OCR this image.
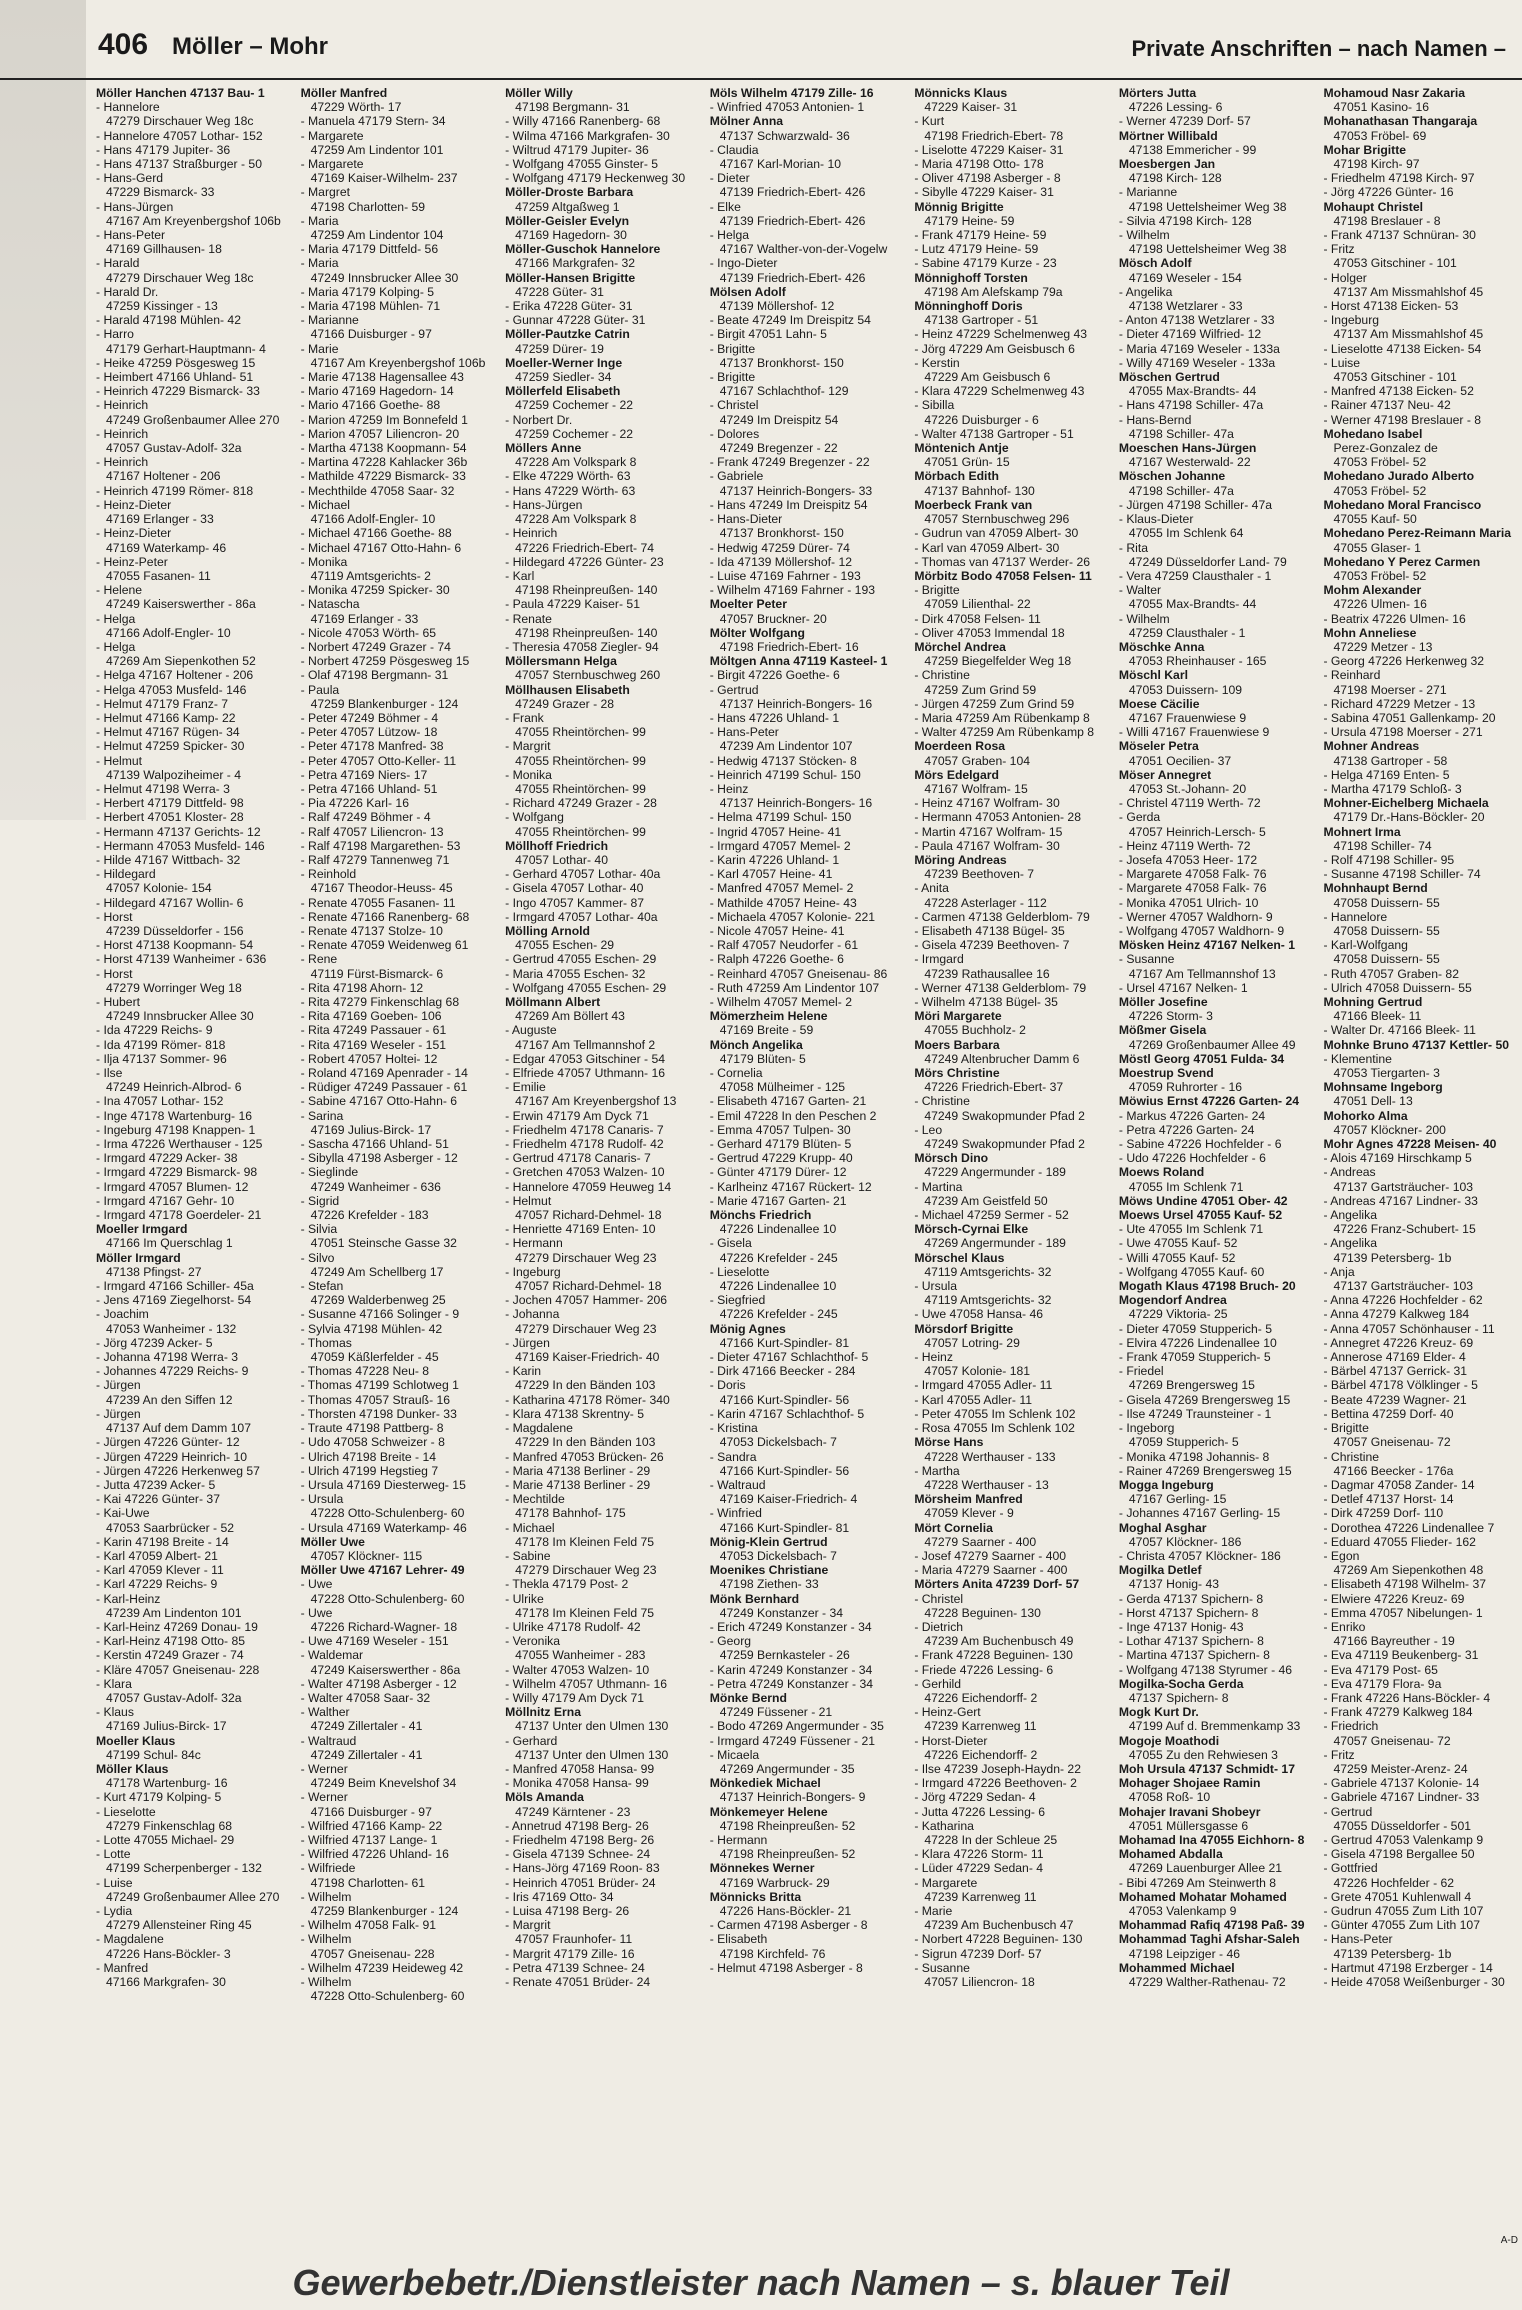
406 Möller – Mohr	Private Anschriften – nach Namen –
Möller Hanchen 47137 Bau- 1
- Hannelore
47279 Dirschauer Weg 18c
- Hannelore 47057 Lothar- 152
- Hans 47179 Jupiter- 36
- Hans 47137 Straßburger - 50
- Hans-Gerd
47229 Bismarck- 33
- Hans-Jürgen
47167 Am Kreyenbergshof 106b
- Hans-Peter
47169 Gillhausen- 18
- Harald
47279 Dirschauer Weg 18c
- Harald Dr.
47259 Kissinger - 13
- Harald 47198 Mühlen- 42
- Harro
47179 Gerhart-Hauptmann- 4
- Heike 47259 Pösgesweg 15
- Heimbert 47166 Uhland- 51
- Heinrich 47229 Bismarck- 33
- Heinrich
47249 Großenbaumer Allee 270
- Heinrich
47057 Gustav-Adolf- 32a
- Heinrich
47167 Holtener - 206
- Heinrich 47199 Römer- 818
- Heinz-Dieter
47169 Erlanger - 33
- Heinz-Dieter
47169 Waterkamp- 46
- Heinz-Peter
47055 Fasanen- 11
- Helene
47249 Kaiserswerther - 86a
- Helga
47166 Adolf-Engler- 10
- Helga
47269 Am Siepenkothen 52
- Helga 47167 Holtener - 206
- Helga 47053 Musfeld- 146
- Helmut 47179 Franz- 7
- Helmut 47166 Kamp- 22
- Helmut 47167 Rügen- 34
- Helmut 47259 Spicker- 30
- Helmut
47139 Walpoziheimer - 4
- Helmut 47198 Werra- 3
- Herbert 47179 Dittfeld- 98
- Herbert 47051 Kloster- 28
- Hermann 47137 Gerichts- 12
- Hermann 47053 Musfeld- 146
- Hilde 47167 Wittbach- 32
- Hildegard
47057 Kolonie- 154
- Hildegard 47167 Wollin- 6
- Horst
47239 Düsseldorfer - 156
- Horst 47138 Koopmann- 54
- Horst 47139 Wanheimer - 636
- Horst
47279 Worringer Weg 18
- Hubert
47249 Innsbrucker Allee 30
- Ida 47229 Reichs- 9
- Ida 47199 Römer- 818
- Ilja 47137 Sommer- 96
- Ilse
47249 Heinrich-Albrod- 6
- Ina 47057 Lothar- 152
- Inge 47178 Wartenburg- 16
- Ingeburg 47198 Knappen- 1
- Irma 47226 Werthauser - 125
- Irmgard 47229 Acker- 38
- Irmgard 47229 Bismarck- 98
- Irmgard 47057 Blumen- 12
- Irmgard 47167 Gehr- 10
- Irmgard 47178 Goerdeler- 21
Moeller Irmgard
47166 Im Querschlag 1
Möller Irmgard
47138 Pfingst- 27
- Irmgard 47166 Schiller- 45a
- Jens 47169 Ziegelhorst- 54
- Joachim
47053 Wanheimer - 132
- Jörg 47239 Acker- 5
- Johanna 47198 Werra- 3
- Johannes 47229 Reichs- 9
- Jürgen
47239 An den Siffen 12
- Jürgen
47137 Auf dem Damm 107
- Jürgen 47226 Günter- 12
- Jürgen 47229 Heinrich- 10
- Jürgen 47226 Herkenweg 57
- Jutta 47239 Acker- 5
- Kai 47226 Günter- 37
- Kai-Uwe
47053 Saarbrücker - 52
- Karin 47198 Breite - 14
- Karl 47059 Albert- 21
- Karl 47059 Klever - 11
- Karl 47229 Reichs- 9
- Karl-Heinz
47239 Am Lindenton 101
- Karl-Heinz 47269 Donau- 19
- Karl-Heinz 47198 Otto- 85
- Kerstin 47249 Grazer - 74
- Kläre 47057 Gneisenau- 228
- Klara
47057 Gustav-Adolf- 32a
- Klaus
47169 Julius-Birck- 17
Moeller Klaus
47199 Schul- 84c
Möller Klaus
47178 Wartenburg- 16
- Kurt 47179 Kolping- 5
- Lieselotte
47279 Finkenschlag 68
- Lotte 47055 Michael- 29
- Lotte
47199 Scherpenberger - 132
- Luise
47249 Großenbaumer Allee 270
- Lydia
47279 Allensteiner Ring 45
- Magdalene
47226 Hans-Böckler- 3
- Manfred
47166 Markgrafen- 30
Möller Manfred
47229 Wörth- 17
- Manuela 47179 Stern- 34
- Margarete
47259 Am Lindentor 101
- Margarete
47169 Kaiser-Wilhelm- 237
- Margret
47198 Charlotten- 59
- Maria
47259 Am Lindentor 104
- Maria 47179 Dittfeld- 56
- Maria
47249 Innsbrucker Allee 30
- Maria 47179 Kolping- 5
- Maria 47198 Mühlen- 71
- Marianne
47166 Duisburger - 97
- Marie
47167 Am Kreyenbergshof 106b
- Marie 47138 Hagensallee 43
- Mario 47169 Hagedorn- 14
- Mario 47166 Goethe- 88
- Marion 47259 Im Bonnefeld 1
- Marion 47057 Liliencron- 20
- Martha 47138 Koopmann- 54
- Martina 47228 Kahlacker 36b
- Mathilde 47229 Bismarck- 33
- Mechthilde 47058 Saar- 32
- Michael
47166 Adolf-Engler- 10
- Michael 47166 Goethe- 88
- Michael 47167 Otto-Hahn- 6
- Monika
47119 Amtsgerichts- 2
- Monika 47259 Spicker- 30
- Natascha
47169 Erlanger - 33
- Nicole 47053 Wörth- 65
- Norbert 47249 Grazer - 74
- Norbert 47259 Pösgesweg 15
- Olaf 47198 Bergmann- 31
- Paula
47259 Blankenburger - 124
- Peter 47249 Böhmer - 4
- Peter 47057 Lützow- 18
- Peter 47178 Manfred- 38
- Peter 47057 Otto-Keller- 11
- Petra 47169 Niers- 17
- Petra 47166 Uhland- 51
- Pia 47226 Karl- 16
- Ralf 47249 Böhmer - 4
- Ralf 47057 Liliencron- 13
- Ralf 47198 Margarethen- 53
- Ralf 47279 Tannenweg 71
- Reinhold
47167 Theodor-Heuss- 45
- Renate 47055 Fasanen- 11
- Renate 47166 Ranenberg- 68
- Renate 47137 Stolze- 10
- Renate 47059 Weidenweg 61
- Rene
47119 Fürst-Bismarck- 6
- Rita 47198 Ahorn- 12
- Rita 47279 Finkenschlag 68
- Rita 47169 Goeben- 106
- Rita 47249 Passauer - 61
- Rita 47169 Weseler - 151
- Robert 47057 Holtei- 12
- Roland 47169 Apenrader - 14
- Rüdiger 47249 Passauer - 61
- Sabine 47167 Otto-Hahn- 6
- Sarina
47169 Julius-Birck- 17
- Sascha 47166 Uhland- 51
- Sibylla 47198 Asberger - 12
- Sieglinde
47249 Wanheimer - 636
- Sigrid
47226 Krefelder - 183
- Silvia
47051 Steinsche Gasse 32
- Silvo
47249 Am Schellberg 17
- Stefan
47269 Walderbenweg 25
- Susanne 47166 Solinger - 9
- Sylvia 47198 Mühlen- 42
- Thomas
47059 Käßlerfelder - 45
- Thomas 47228 Neu- 8
- Thomas 47199 Schlotweg 1
- Thomas 47057 Strauß- 16
- Thorsten 47198 Dunker- 33
- Traute 47198 Pattberg- 8
- Udo 47058 Schweizer - 8
- Ulrich 47198 Breite - 14
- Ulrich 47199 Hegstieg 7
- Ursula 47169 Diesterweg- 15
- Ursula
47228 Otto-Schulenberg- 60
- Ursula 47169 Waterkamp- 46
Möller Uwe
47057 Klöckner- 115
Möller Uwe 47167 Lehrer- 49
- Uwe
47228 Otto-Schulenberg- 60
- Uwe
47226 Richard-Wagner- 18
- Uwe 47169 Weseler - 151
- Waldemar
47249 Kaiserswerther - 86a
- Walter 47198 Asberger - 12
- Walter 47058 Saar- 32
- Walther
47249 Zillertaler - 41
- Waltraud
47249 Zillertaler - 41
- Werner
47249 Beim Knevelshof 34
- Werner
47166 Duisburger - 97
- Wilfried 47166 Kamp- 22
- Wilfried 47137 Lange- 1
- Wilfried 47226 Uhland- 16
- Wilfriede
47198 Charlotten- 61
- Wilhelm
47259 Blankenburger - 124
- Wilhelm 47058 Falk- 91
- Wilhelm
47057 Gneisenau- 228
- Wilhelm 47239 Heideweg 42
- Wilhelm
47228 Otto-Schulenberg- 60
Möller Willy
47198 Bergmann- 31
- Willy 47166 Ranenberg- 68
- Wilma 47166 Markgrafen- 30
- Wiltrud 47179 Jupiter- 36
- Wolfgang 47055 Ginster- 5
- Wolfgang 47179 Heckenweg 30
Möller-Droste Barbara
47259 Altgaßweg 1
Möller-Geisler Evelyn
47169 Hagedorn- 30
Möller-Guschok Hannelore
47166 Markgrafen- 32
Möller-Hansen Brigitte
47228 Güter- 31
- Erika 47228 Güter- 31
- Gunnar 47228 Güter- 31
Möller-Pautzke Catrin
47259 Dürer- 19
Moeller-Werner Inge
47259 Siedler- 34
Möllerfeld Elisabeth
47259 Cochemer - 22
- Norbert Dr.
47259 Cochemer - 22
Möllers Anne
47228 Am Volkspark 8
- Elke 47229 Wörth- 63
- Hans 47229 Wörth- 63
- Hans-Jürgen
47228 Am Volkspark 8
- Heinrich
47226 Friedrich-Ebert- 74
- Hildegard 47226 Günter- 23
- Karl
47198 Rheinpreußen- 140
- Paula 47229 Kaiser- 51
- Renate
47198 Rheinpreußen- 140
- Theresia 47058 Ziegler- 94
Möllersmann Helga
47057 Sternbuschweg 260
Möllhausen Elisabeth
47249 Grazer - 28
- Frank
47055 Rheintörchen- 99
- Margrit
47055 Rheintörchen- 99
- Monika
47055 Rheintörchen- 99
- Richard 47249 Grazer - 28
- Wolfgang
47055 Rheintörchen- 99
Möllhoff Friedrich
47057 Lothar- 40
- Gerhard 47057 Lothar- 40a
- Gisela 47057 Lothar- 40
- Ingo 47057 Kammer- 87
- Irmgard 47057 Lothar- 40a
Mölling Arnold
47055 Eschen- 29
- Gertrud 47055 Eschen- 29
- Maria 47055 Eschen- 32
- Wolfgang 47055 Eschen- 29
Möllmann Albert
47269 Am Böllert 43
- Auguste
47167 Am Tellmannshof 2
- Edgar 47053 Gitschiner - 54
- Elfriede 47057 Uthmann- 16
- Emilie
47167 Am Kreyenbergshof 13
- Erwin 47179 Am Dyck 71
- Friedhelm 47178 Canaris- 7
- Friedhelm 47178 Rudolf- 42
- Gertrud 47178 Canaris- 7
- Gretchen 47053 Walzen- 10
- Hannelore 47059 Heuweg 14
- Helmut
47057 Richard-Dehmel- 18
- Henriette 47169 Enten- 10
- Hermann
47279 Dirschauer Weg 23
- Ingeburg
47057 Richard-Dehmel- 18
- Jochen 47057 Hammer- 206
- Johanna
47279 Dirschauer Weg 23
- Jürgen
47169 Kaiser-Friedrich- 40
- Karin
47229 In den Bänden 103
- Katharina 47178 Römer- 340
- Klara 47138 Skrentny- 5
- Magdalene
47229 In den Bänden 103
- Manfred 47053 Brücken- 26
- Maria 47138 Berliner - 29
- Marie 47138 Berliner - 29
- Mechtilde
47178 Bahnhof- 175
- Michael
47178 Im Kleinen Feld 75
- Sabine
47279 Dirschauer Weg 23
- Thekla 47179 Post- 2
- Ulrike
47178 Im Kleinen Feld 75
- Ulrike 47178 Rudolf- 42
- Veronika
47055 Wanheimer - 283
- Walter 47053 Walzen- 10
- Wilhelm 47057 Uthmann- 16
- Willy 47179 Am Dyck 71
Möllnitz Erna
47137 Unter den Ulmen 130
- Gerhard
47137 Unter den Ulmen 130
- Manfred 47058 Hansa- 99
- Monika 47058 Hansa- 99
Möls Amanda
47249 Kärntener - 23
- Annetrud 47198 Berg- 26
- Friedhelm 47198 Berg- 26
- Gisela 47139 Schnee- 24
- Hans-Jörg 47169 Roon- 83
- Heinrich 47051 Brüder- 24
- Iris 47169 Otto- 34
- Luisa 47198 Berg- 26
- Margrit
47057 Fraunhofer- 11
- Margrit 47179 Zille- 16
- Petra 47139 Schnee- 24
- Renate 47051 Brüder- 24
Möls Wilhelm 47179 Zille- 16
- Winfried 47053 Antonien- 1
Mölner Anna
47137 Schwarzwald- 36
- Claudia
47167 Karl-Morian- 10
- Dieter
47139 Friedrich-Ebert- 426
- Elke
47139 Friedrich-Ebert- 426
- Helga
47167 Walther-von-der-Vogelw
- Ingo-Dieter
47139 Friedrich-Ebert- 426
Mölsen Adolf
47139 Möllershof- 12
- Beate 47249 Im Dreispitz 54
- Birgit 47051 Lahn- 5
- Brigitte
47137 Bronkhorst- 150
- Brigitte
47167 Schlachthof- 129
- Christel
47249 Im Dreispitz 54
- Dolores
47249 Bregenzer - 22
- Frank 47249 Bregenzer - 22
- Gabriele
47137 Heinrich-Bongers- 33
- Hans 47249 Im Dreispitz 54
- Hans-Dieter
47137 Bronkhorst- 150
- Hedwig 47259 Dürer- 74
- Ida 47139 Möllershof- 12
- Luise 47169 Fahrner - 193
- Wilhelm 47169 Fahrner - 193
Moelter Peter
47057 Bruckner- 20
Mölter Wolfgang
47198 Friedrich-Ebert- 16
Möltgen Anna 47119 Kasteel- 1
- Birgit 47226 Goethe- 6
- Gertrud
47137 Heinrich-Bongers- 16
- Hans 47226 Uhland- 1
- Hans-Peter
47239 Am Lindentor 107
- Hedwig 47137 Stöcken- 8
- Heinrich 47199 Schul- 150
- Heinz
47137 Heinrich-Bongers- 16
- Helma 47199 Schul- 150
- Ingrid 47057 Heine- 41
- Irmgard 47057 Memel- 2
- Karin 47226 Uhland- 1
- Karl 47057 Heine- 41
- Manfred 47057 Memel- 2
- Mathilde 47057 Heine- 43
- Michaela 47057 Kolonie- 221
- Nicole 47057 Heine- 41
- Ralf 47057 Neudorfer - 61
- Ralph 47226 Goethe- 6
- Reinhard 47057 Gneisenau- 86
- Ruth 47259 Am Lindentor 107
- Wilhelm 47057 Memel- 2
Mömerzheim Helene
47169 Breite - 59
Mönch Angelika
47179 Blüten- 5
- Cornelia
47058 Mülheimer - 125
- Elisabeth 47167 Garten- 21
- Emil 47228 In den Peschen 2
- Emma 47057 Tulpen- 30
- Gerhard 47179 Blüten- 5
- Gertrud 47229 Krupp- 40
- Günter 47179 Dürer- 12
- Karlheinz 47167 Rückert- 12
- Marie 47167 Garten- 21
Mönchs Friedrich
47226 Lindenallee 10
- Gisela
47226 Krefelder - 245
- Lieselotte
47226 Lindenallee 10
- Siegfried
47226 Krefelder - 245
Mönig Agnes
47166 Kurt-Spindler- 81
- Dieter 47167 Schlachthof- 5
- Dirk 47166 Beecker - 284
- Doris
47166 Kurt-Spindler- 56
- Karin 47167 Schlachthof- 5
- Kristina
47053 Dickelsbach- 7
- Sandra
47166 Kurt-Spindler- 56
- Waltraud
47169 Kaiser-Friedrich- 4
- Winfried
47166 Kurt-Spindler- 81
Mönig-Klein Gertrud
47053 Dickelsbach- 7
Moenikes Christiane
47198 Ziethen- 33
Mönk Bernhard
47249 Konstanzer - 34
- Erich 47249 Konstanzer - 34
- Georg
47259 Bernkasteler - 26
- Karin 47249 Konstanzer - 34
- Petra 47249 Konstanzer - 34
Mönke Bernd
47249 Füssener - 21
- Bodo 47269 Angermunder - 35
- Irmgard 47249 Füssener - 21
- Micaela
47269 Angermunder - 35
Mönkediek Michael
47137 Heinrich-Bongers- 9
Mönkemeyer Helene
47198 Rheinpreußen- 52
- Hermann
47198 Rheinpreußen- 52
Mönnekes Werner
47169 Warbruck- 29
Mönnicks Britta
47226 Hans-Böckler- 21
- Carmen 47198 Asberger - 8
- Elisabeth
47198 Kirchfeld- 76
- Helmut 47198 Asberger - 8
Mönnicks Klaus
47229 Kaiser- 31
- Kurt
47198 Friedrich-Ebert- 78
- Liselotte 47229 Kaiser- 31
- Maria 47198 Otto- 178
- Oliver 47198 Asberger - 8
- Sibylle 47229 Kaiser- 31
Mönnig Brigitte
47179 Heine- 59
- Frank 47179 Heine- 59
- Lutz 47179 Heine- 59
- Sabine 47179 Kurze - 23
Mönnighoff Torsten
47198 Am Alefskamp 79a
Mönninghoff Doris
47138 Gartroper - 51
- Heinz 47229 Schelmenweg 43
- Jörg 47229 Am Geisbusch 6
- Kerstin
47229 Am Geisbusch 6
- Klara 47229 Schelmenweg 43
- Sibilla
47226 Duisburger - 6
- Walter 47138 Gartroper - 51
Möntenich Antje
47051 Grün- 15
Mörbach Edith
47137 Bahnhof- 130
Moerbeck Frank van
47057 Sternbuschweg 296
- Gudrun van 47059 Albert- 30
- Karl van 47059 Albert- 30
- Thomas van 47137 Werder- 26
Mörbitz Bodo 47058 Felsen- 11
- Brigitte
47059 Lilienthal- 22
- Dirk 47058 Felsen- 11
- Oliver 47053 Immendal 18
Mörchel Andrea
47259 Biegelfelder Weg 18
- Christine
47259 Zum Grind 59
- Jürgen 47259 Zum Grind 59
- Maria 47259 Am Rübenkamp 8
- Walter 47259 Am Rübenkamp 8
Moerdeen Rosa
47057 Graben- 104
Mörs Edelgard
47167 Wolfram- 15
- Heinz 47167 Wolfram- 30
- Hermann 47053 Antonien- 28
- Martin 47167 Wolfram- 15
- Paula 47167 Wolfram- 30
Möring Andreas
47239 Beethoven- 7
- Anita
47228 Asterlager - 112
- Carmen 47138 Gelderblom- 79
- Elisabeth 47138 Bügel- 35
- Gisela 47239 Beethoven- 7
- Irmgard
47239 Rathausallee 16
- Werner 47138 Gelderblom- 79
- Wilhelm 47138 Bügel- 35
Möri Margarete
47055 Buchholz- 2
Moers Barbara
47249 Altenbrucher Damm 6
Mörs Christine
47226 Friedrich-Ebert- 37
- Christine
47249 Swakopmunder Pfad 2
- Leo
47249 Swakopmunder Pfad 2
Mörsch Dino
47229 Angermunder - 189
- Martina
47239 Am Geistfeld 50
- Michael 47259 Sermer - 52
Mörsch-Cyrnai Elke
47269 Angermunder - 189
Mörschel Klaus
47119 Amtsgerichts- 32
- Ursula
47119 Amtsgerichts- 32
- Uwe 47058 Hansa- 46
Mörsdorf Brigitte
47057 Lotring- 29
- Heinz
47057 Kolonie- 181
- Irmgard 47055 Adler- 11
- Karl 47055 Adler- 11
- Peter 47055 Im Schlenk 102
- Rosa 47055 Im Schlenk 102
Mörse Hans
47228 Werthauser - 133
- Martha
47228 Werthauser - 13
Mörsheim Manfred
47059 Klever - 9
Mört Cornelia
47279 Saarner - 400
- Josef 47279 Saarner - 400
- Maria 47279 Saarner - 400
Mörters Anita 47239 Dorf- 57
- Christel
47228 Beguinen- 130
- Dietrich
47239 Am Buchenbusch 49
- Frank 47228 Beguinen- 130
- Friede 47226 Lessing- 6
- Gerhild
47226 Eichendorff- 2
- Heinz-Gert
47239 Karrenweg 11
- Horst-Dieter
47226 Eichendorff- 2
- Ilse 47239 Joseph-Haydn- 22
- Irmgard 47226 Beethoven- 2
- Jörg 47229 Sedan- 4
- Jutta 47226 Lessing- 6
- Katharina
47228 In der Schleue 25
- Klara 47226 Storm- 11
- Lüder 47229 Sedan- 4
- Margarete
47239 Karrenweg 11
- Marie
47239 Am Buchenbusch 47
- Norbert 47228 Beguinen- 130
- Sigrun 47239 Dorf- 57
- Susanne
47057 Liliencron- 18
Mörters Jutta
47226 Lessing- 6
- Werner 47239 Dorf- 57
Mörtner Willibald
47138 Emmericher - 99
Moesbergen Jan
47198 Kirch- 128
- Marianne
47198 Uettelsheimer Weg 38
- Silvia 47198 Kirch- 128
- Wilhelm
47198 Uettelsheimer Weg 38
Mösch Adolf
47169 Weseler - 154
- Angelika
47138 Wetzlarer - 33
- Anton 47138 Wetzlarer - 33
- Dieter 47169 Wilfried- 12
- Maria 47169 Weseler - 133a
- Willy 47169 Weseler - 133a
Möschen Gertrud
47055 Max-Brandts- 44
- Hans 47198 Schiller- 47a
- Hans-Bernd
47198 Schiller- 47a
Moeschen Hans-Jürgen
47167 Westerwald- 22
Möschen Johanne
47198 Schiller- 47a
- Jürgen 47198 Schiller- 47a
- Klaus-Dieter
47055 Im Schlenk 64
- Rita
47249 Düsseldorfer Land- 79
- Vera 47259 Clausthaler - 1
- Walter
47055 Max-Brandts- 44
- Wilhelm
47259 Clausthaler - 1
Möschke Anna
47053 Rheinhauser - 165
Möschl Karl
47053 Duissern- 109
Moese Cäcilie
47167 Frauenwiese 9
- Willi 47167 Frauenwiese 9
Möseler Petra
47051 Oecilien- 37
Möser Annegret
47053 St.-Johann- 20
- Christel 47119 Werth- 72
- Gerda
47057 Heinrich-Lersch- 5
- Heinz 47119 Werth- 72
- Josefa 47053 Heer- 172
- Margarete 47058 Falk- 76
- Margarete 47058 Falk- 76
- Monika 47051 Ulrich- 10
- Werner 47057 Waldhorn- 9
- Wolfgang 47057 Waldhorn- 9
Mösken Heinz 47167 Nelken- 1
- Susanne
47167 Am Tellmannshof 13
- Ursel 47167 Nelken- 1
Möller Josefine
47226 Storm- 3
Mößmer Gisela
47269 Großenbaumer Allee 49
Möstl Georg 47051 Fulda- 34
Moestrup Svend
47059 Ruhrorter - 16
Möwius Ernst 47226 Garten- 24
- Markus 47226 Garten- 24
- Petra 47226 Garten- 24
- Sabine 47226 Hochfelder - 6
- Udo 47226 Hochfelder - 6
Moews Roland
47055 Im Schlenk 71
Möws Undine 47051 Ober- 42
Moews Ursel 47055 Kauf- 52
- Ute 47055 Im Schlenk 71
- Uwe 47055 Kauf- 52
- Willi 47055 Kauf- 52
- Wolfgang 47055 Kauf- 60
Mogath Klaus 47198 Bruch- 20
Mogendorf Andrea
47229 Viktoria- 25
- Dieter 47059 Stupperich- 5
- Elvira 47226 Lindenallee 10
- Frank 47059 Stupperich- 5
- Friedel
47269 Brengersweg 15
- Gisela 47269 Brengersweg 15
- Ilse 47249 Traunsteiner - 1
- Ingeborg
47059 Stupperich- 5
- Monika 47198 Johannis- 8
- Rainer 47269 Brengersweg 15
Mogga Ingeburg
47167 Gerling- 15
- Johannes 47167 Gerling- 15
Moghal Asghar
47057 Klöckner- 186
- Christa 47057 Klöckner- 186
Mogilka Detlef
47137 Honig- 43
- Gerda 47137 Spichern- 8
- Horst 47137 Spichern- 8
- Inge 47137 Honig- 43
- Lothar 47137 Spichern- 8
- Martina 47137 Spichern- 8
- Wolfgang 47138 Styrumer - 46
Mogilka-Socha Gerda
47137 Spichern- 8
Mogk Kurt Dr.
47199 Auf d. Bremmenkamp 33
Mogoje Moathodi
47055 Zu den Rehwiesen 3
Moh Ursula 47137 Schmidt- 17
Mohager Shojaee Ramin
47058 Roß- 10
Mohajer Iravani Shobeyr
47051 Müllersgasse 6
Mohamad Ina 47055 Eichhorn- 8
Mohamed Abdalla
47269 Lauenburger Allee 21
- Bibi 47269 Am Steinwerth 8
Mohamed Mohatar Mohamed
47053 Valenkamp 9
Mohammad Rafiq 47198 Paß- 39
Mohammad Taghi Afshar-Saleh
47198 Leipziger - 46
Mohammed Michael
47229 Walther-Rathenau- 72
Mohamoud Nasr Zakaria
47051 Kasino- 16
Mohanathasan Thangaraja
47053 Fröbel- 69
Mohar Brigitte
47198 Kirch- 97
- Friedhelm 47198 Kirch- 97
- Jörg 47226 Günter- 16
Mohaupt Christel
47198 Breslauer - 8
- Frank 47137 Schnüran- 30
- Fritz
47053 Gitschiner - 101
- Holger
47137 Am Missmahlshof 45
- Horst 47138 Eicken- 53
- Ingeburg
47137 Am Missmahlshof 45
- Lieselotte 47138 Eicken- 54
- Luise
47053 Gitschiner - 101
- Manfred 47138 Eicken- 52
- Rainer 47137 Neu- 42
- Werner 47198 Breslauer - 8
Mohedano Isabel
Perez-Gonzalez de
47053 Fröbel- 52
Mohedano Jurado Alberto
47053 Fröbel- 52
Mohedano Moral Francisco
47055 Kauf- 50
Mohedano Perez-Reimann Maria
47055 Glaser- 1
Mohedano Y Perez Carmen
47053 Fröbel- 52
Mohm Alexander
47226 Ulmen- 16
- Beatrix 47226 Ulmen- 16
Mohn Anneliese
47229 Metzer - 13
- Georg 47226 Herkenweg 32
- Reinhard
47198 Moerser - 271
- Richard 47229 Metzer - 13
- Sabina 47051 Gallenkamp- 20
- Ursula 47198 Moerser - 271
Mohner Andreas
47138 Gartroper - 58
- Helga 47169 Enten- 5
- Martha 47179 Schloß- 3
Mohner-Eichelberg Michaela
47179 Dr.-Hans-Böckler- 20
Mohnert Irma
47198 Schiller- 74
- Rolf 47198 Schiller- 95
- Susanne 47198 Schiller- 74
Mohnhaupt Bernd
47058 Duissern- 55
- Hannelore
47058 Duissern- 55
- Karl-Wolfgang
47058 Duissern- 55
- Ruth 47057 Graben- 82
- Ulrich 47058 Duissern- 55
Mohning Gertrud
47166 Bleek- 11
- Walter Dr. 47166 Bleek- 11
Mohnke Bruno 47137 Kettler- 50
- Klementine
47053 Tiergarten- 3
Mohnsame Ingeborg
47051 Dell- 13
Mohorko Alma
47057 Klöckner- 200
Mohr Agnes 47228 Meisen- 40
- Alois 47169 Hirschkamp 5
- Andreas
47137 Gartsträucher- 103
- Andreas 47167 Lindner- 33
- Angelika
47226 Franz-Schubert- 15
- Angelika
47139 Petersberg- 1b
- Anja
47137 Gartsträucher- 103
- Anna 47226 Hochfelder - 62
- Anna 47279 Kalkweg 184
- Anna 47057 Schönhauser - 11
- Annegret 47226 Kreuz- 69
- Annerose 47169 Elder- 4
- Bärbel 47137 Gerrick- 31
- Bärbel 47178 Völklinger - 5
- Beate 47239 Wagner- 21
- Bettina 47259 Dorf- 40
- Brigitte
47057 Gneisenau- 72
- Christine
47166 Beecker - 176a
- Dagmar 47058 Zander- 14
- Detlef 47137 Horst- 14
- Dirk 47259 Dorf- 110
- Dorothea 47226 Lindenallee 7
- Eduard 47055 Flieder- 162
- Egon
47269 Am Siepenkothen 48
- Elisabeth 47198 Wilhelm- 37
- Elwiere 47226 Kreuz- 69
- Emma 47057 Nibelungen- 1
- Enriko
47166 Bayreuther - 19
- Eva 47119 Beukenberg- 31
- Eva 47179 Post- 65
- Eva 47179 Flora- 9a
- Frank 47226 Hans-Böckler- 4
- Frank 47279 Kalkweg 184
- Friedrich
47057 Gneisenau- 72
- Fritz
47259 Meister-Arenz- 24
- Gabriele 47137 Kolonie- 14
- Gabriele 47167 Lindner- 33
- Gertrud
47055 Düsseldorfer - 501
- Gertrud 47053 Valenkamp 9
- Gisela 47198 Bergallee 50
- Gottfried
47226 Hochfelder - 62
- Grete 47051 Kuhlenwall 4
- Gudrun 47055 Zum Lith 107
- Günter 47055 Zum Lith 107
- Hans-Peter
47139 Petersberg- 1b
- Hartmut 47198 Erzberger - 14
- Heide 47058 Weißenburger - 30
Gewerbebetr./Dienstleister nach Namen – s. blauer Teil
A-D
